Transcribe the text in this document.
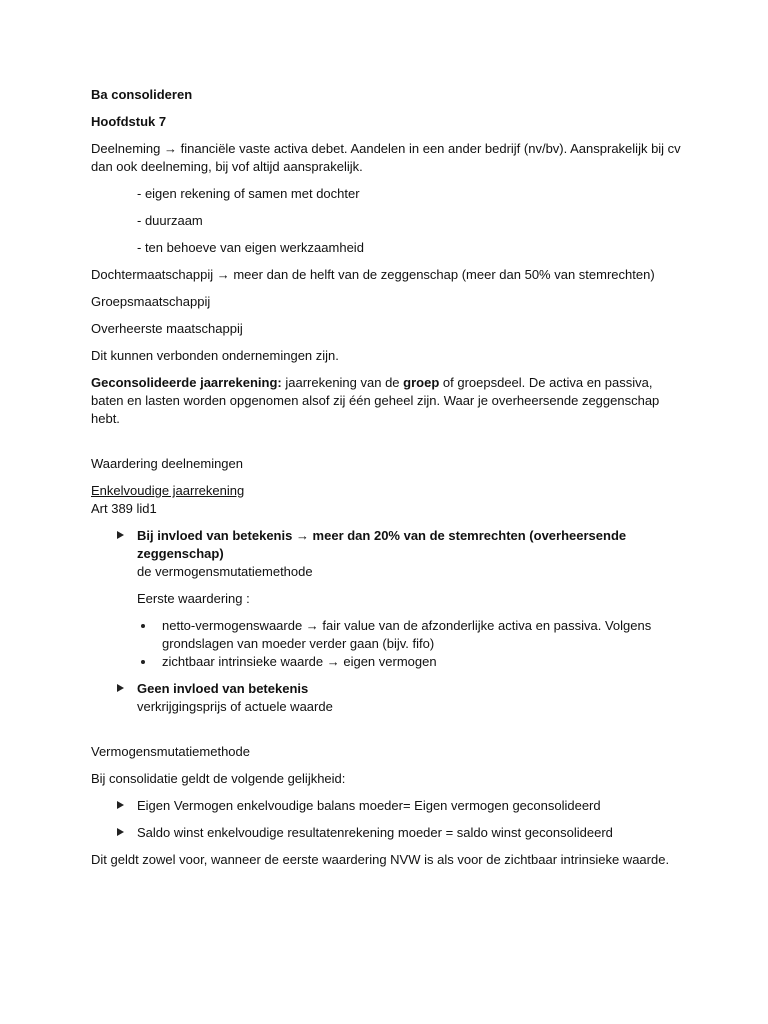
Ba consolideren

Hoofdstuk 7

Deelneming → financiële vaste activa debet. Aandelen in een ander bedrijf (nv/bv). Aansprakelijk bij cv dan ook deelneming, bij vof altijd aansprakelijk.

- eigen rekening of samen met dochter

- duurzaam

- ten behoeve van eigen werkzaamheid

Dochtermaatschappij → meer dan de helft van de zeggenschap (meer dan 50% van stemrechten)

Groepsmaatschappij

Overheerste maatschappij

Dit kunnen verbonden ondernemingen zijn.

Geconsolideerde jaarrekening: jaarrekening van de groep of groepsdeel. De activa en passiva, baten en lasten worden opgenomen alsof zij één geheel zijn. Waar je overheersende zeggenschap hebt.

Waardering deelnemingen

Enkelvoudige jaarrekening

Art 389 lid1

Bij invloed van betekenis → meer dan 20% van de stemrechten (overheersende zeggenschap)

de vermogensmutatiemethode

Eerste waardering :

netto-vermogenswaarde → fair value van de afzonderlijke activa en passiva. Volgens grondslagen van moeder verder gaan (bijv. fifo)
zichtbaar intrinsieke waarde → eigen vermogen

Geen invloed van betekenis

verkrijgingsprijs of actuele waarde

Vermogensmutatiemethode

Bij consolidatie geldt de volgende gelijkheid:

Eigen Vermogen enkelvoudige balans moeder= Eigen vermogen geconsolideerd
Saldo winst enkelvoudige resultatenrekening moeder = saldo winst geconsolideerd

Dit geldt zowel voor, wanneer de eerste waardering NVW is als voor de zichtbaar intrinsieke waarde.
